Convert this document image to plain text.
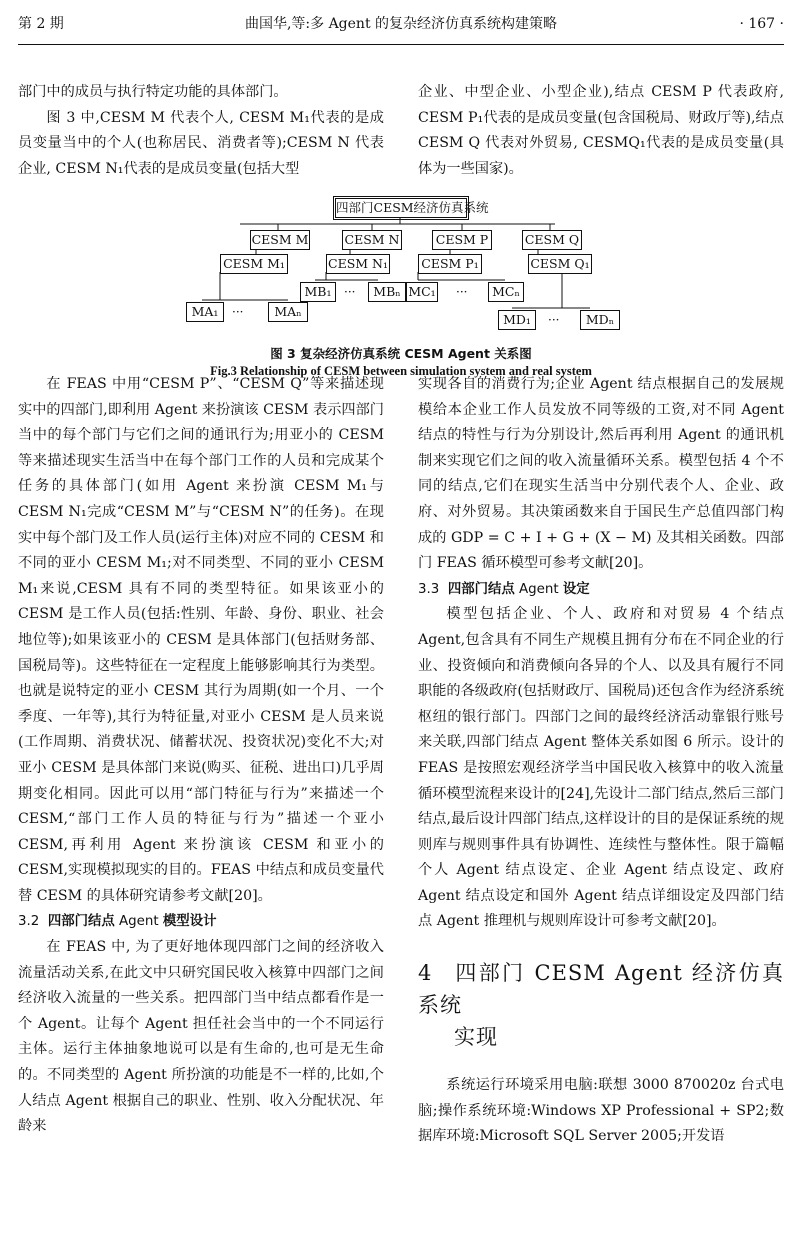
第 2 期	曲国华,等:多 Agent 的复杂经济仿真系统构建策略	· 167 ·

部门中的成员与执行特定功能的具体部门。

图 3 中,CESM M 代表个人, CESM M₁代表的是成员变量当中的个人(也称居民、消费者等);CESM N 代表企业, CESM N₁代表的是成员变量(包括大型

企业、中型企业、小型企业),结点 CESM P 代表政府, CESM P₁代表的是成员变量(包含国税局、财政厅等),结点 CESM Q 代表对外贸易, CESMQ₁代表的是成员变量(具体为一些国家)。

四部门CESM经济仿真系统
CESM M	CESM N	CESM P	CESM Q
CESM M₁	CESM N₁	CESM P₁	CESM Q₁
MB₁	···	MBₙ MC₁ ···	MCₙ
MA₁	···	MAₙ
MD₁	···	MDₙ
图 3 复杂经济仿真系统 CESM Agent 关系图
Fig.3 Relationship of CESM between simulation system and real system

在 FEAS 中用“CESM P”、“CESM Q”等来描述现实中的四部门,即利用 Agent 来扮演该 CESM 表示四部门当中的每个部门与它们之间的通讯行为;用亚小的 CESM 等来描述现实生活当中在每个部门工作的人员和完成某个任务的具体部门(如用 Agent 来扮演 CESM M₁与 CESM N₁完成“CESM M”与“CESM N”的任务)。在现实中每个部门及工作人员(运行主体)对应不同的 CESM 和不同的亚小 CESM M₁;对不同类型、不同的亚小 CESM M₁来说,CESM 具有不同的类型特征。如果该亚小的 CESM 是工作人员(包括:性别、年龄、身份、职业、社会地位等);如果该亚小的 CESM 是具体部门(包括财务部、国税局等)。这些特征在一定程度上能够影响其行为类型。也就是说特定的亚小 CESM 其行为周期(如一个月、一个季度、一年等),其行为特征量,对亚小 CESM 是人员来说(工作周期、消费状况、储蓄状况、投资状况)变化不大;对亚小 CESM 是具体部门来说(购买、征税、进出口)几乎周期变化相同。因此可以用“部门特征与行为”来描述一个 CESM,“部门工作人员的特征与行为”描述一个亚小 CESM,再利用 Agent 来扮演该 CESM 和亚小的 CESM,实现模拟现实的目的。FEAS 中结点和成员变量代替 CESM 的具体研究请参考文献[20]。

3.2 四部门结点 Agent 模型设计

在 FEAS 中, 为了更好地体现四部门之间的经济收入流量活动关系,在此文中只研究国民收入核算中四部门之间经济收入流量的一些关系。把四部门当中结点都看作是一个 Agent。让每个 Agent 担任社会当中的一个不同运行主体。运行主体抽象地说可以是有生命的,也可是无生命的。不同类型的 Agent 所扮演的功能是不一样的,比如,个人结点 Agent 根据自己的职业、性别、收入分配状况、年龄来

实现各自的消费行为;企业 Agent 结点根据自己的发展规模给本企业工作人员发放不同等级的工资,对不同 Agent 结点的特性与行为分别设计,然后再利用 Agent 的通讯机制来实现它们之间的收入流量循环关系。模型包括 4 个不同的结点,它们在现实生活当中分别代表个人、企业、政府、对外贸易。其决策函数来自于国民生产总值四部门构成的 GDP = C + I + G + (X − M) 及其相关函数。四部门 FEAS 循环模型可参考文献[20]。

3.3 四部门结点 Agent 设定

模型包括企业、个人、政府和对贸易 4 个结点 Agent,包含具有不同生产规模且拥有分布在不同企业的行业、投资倾向和消费倾向各异的个人、以及具有履行不同职能的各级政府(包括财政厅、国税局)还包含作为经济系统枢纽的银行部门。四部门之间的最终经济活动靠银行账号来关联,四部门结点 Agent 整体关系如图 6 所示。设计的 FEAS 是按照宏观经济学当中国民收入核算中的收入流量循环模型流程来设计的[24],先设计二部门结点,然后三部门结点,最后设计四部门结点,这样设计的目的是保证系统的规则库与规则事件具有协调性、连续性与整体性。限于篇幅个人 Agent 结点设定、企业 Agent 结点设定、政府 Agent 结点设定和国外 Agent 结点详细设定及四部门结点 Agent 推理机与规则库设计可参考文献[20]。

4 四部门 CESM Agent 经济仿真系统
实现

系统运行环境采用电脑:联想 3000 870020z 台式电脑;操作系统环境:Windows XP Professional + SP2;数据库环境:Microsoft SQL Server 2005;开发语
